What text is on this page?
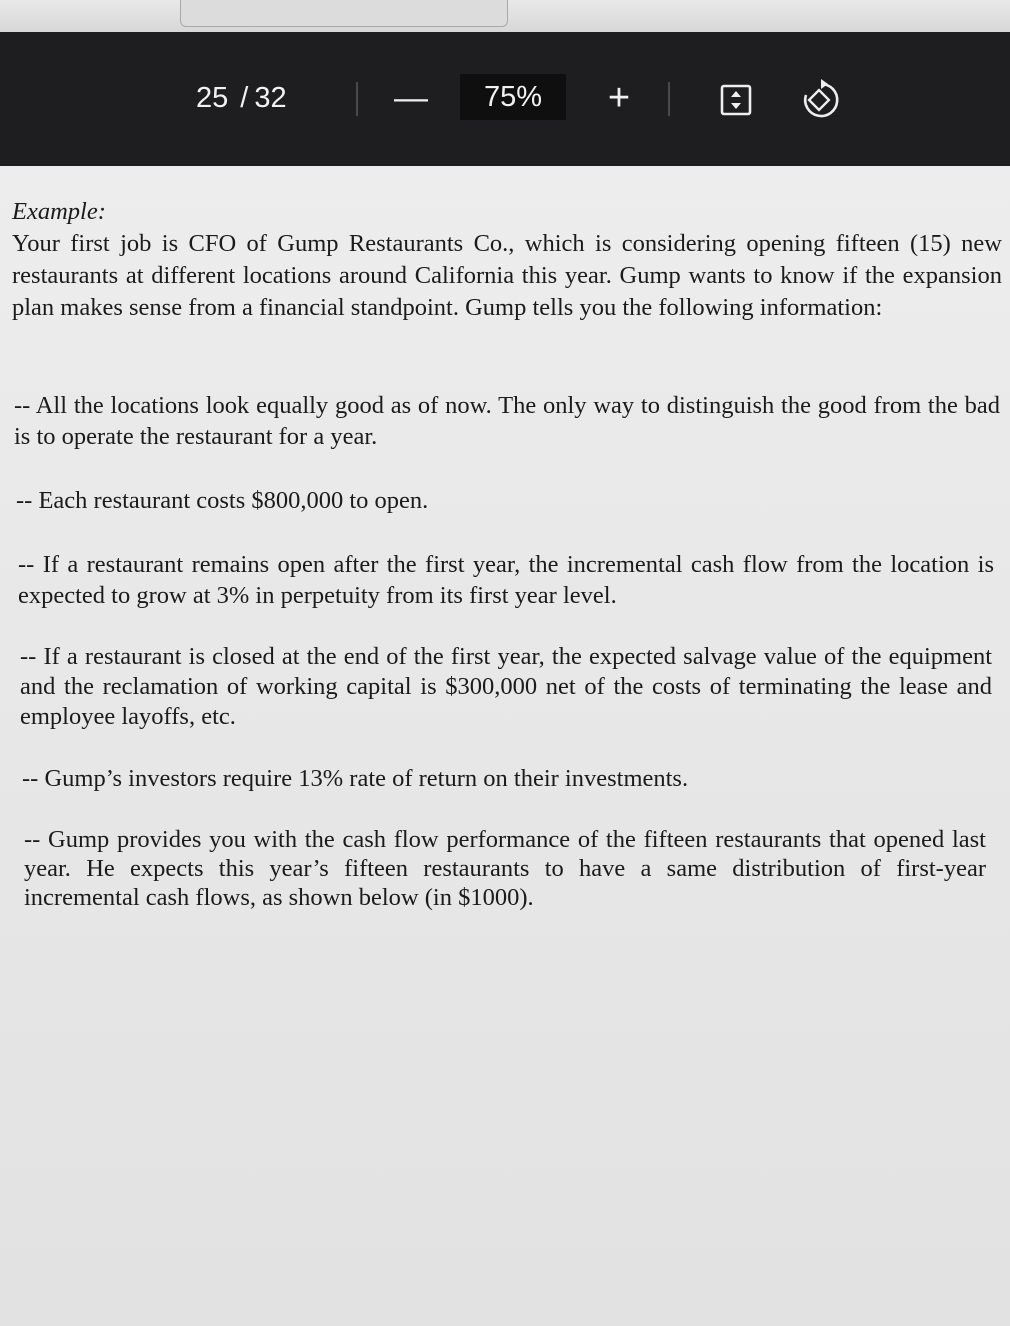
25 / 32	—	75%	+

Example:

Your first job is CFO of Gump Restaurants Co., which is considering opening fifteen (15) new restaurants at different locations around California this year. Gump wants to know if the expansion plan makes sense from a financial standpoint. Gump tells you the following information:

-- All the locations look equally good as of now. The only way to distinguish the good from the bad is to operate the restaurant for a year.

-- Each restaurant costs $800,000 to open.

-- If a restaurant remains open after the first year, the incremental cash flow from the location is expected to grow at 3% in perpetuity from its first year level.

-- If a restaurant is closed at the end of the first year, the expected salvage value of the equipment and the reclamation of working capital is $300,000 net of the costs of terminating the lease and employee layoffs, etc.

-- Gump’s investors require 13% rate of return on their investments.

-- Gump provides you with the cash flow performance of the fifteen restaurants that opened last year. He expects this year’s fifteen restaurants to have a same distribution of first-year incremental cash flows, as shown below (in $1000).
